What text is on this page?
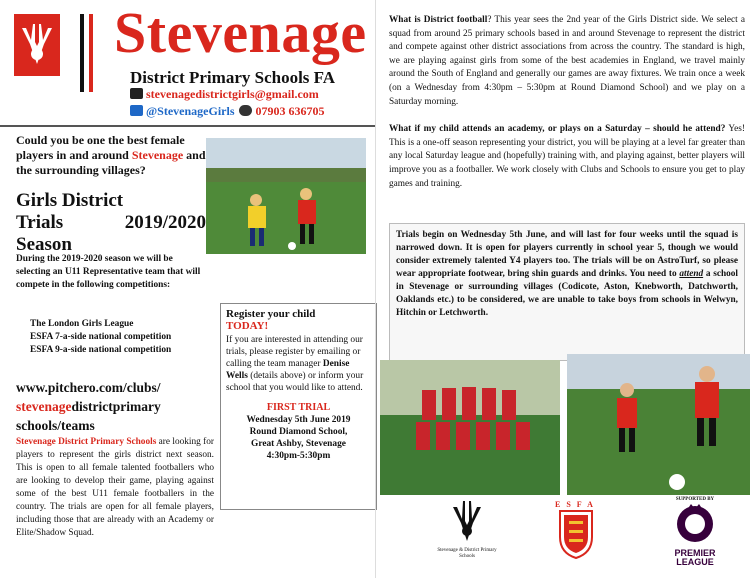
Stevenage
District Primary Schools FA
stevenagedistrictgirls@gmail.com
@StevenageGirls 07903 636705
Could you be one the best female players in and around Stevenage and the surrounding villages?
Girls District
Trials	2019/2020
Season
During the 2019-2020 season we will be selecting an U11 Representative team that will compete in the following competitions:
The London Girls League
ESFA 7-a-side national competition
ESFA 9-a-side national competition
www.pitchero.com/clubs/
stevenagedistrictprimary
schools/teams
Stevenage District Primary Schools are looking for players to represent the girls district next season. This is open to all female talented footballers who are looking to develop their game, playing against some of the best U11 female footballers in the country. The trials are open for all female players, including those that are already with an Academy or Elite/Shadow Squad.
Register your child
TODAY!
If you are interested in attending our trials, please register by emailing or calling the team manager Denise Wells (details above) or inform your school that you would like to attend.
FIRST TRIAL
Wednesday 5th June 2019
Round Diamond School,
Great Ashby, Stevenage
4:30pm-5:30pm

What is District football? This year sees the 2nd year of the Girls District side. We select a squad from around 25 primary schools based in and around Stevenage to represent the district and compete against other district associations from across the country. The standard is high, we are playing against girls from some of the best academies in England, we travel mainly around the South of England and generally our games are away fixtures. We train once a week (on a Wednesday from 4:30pm – 5:30pm at Round Diamond School) and we play on a Saturday morning.

What if my child attends an academy, or plays on a Saturday – should he attend? Yes! This is a one-off season representing your district, you will be playing at a level far greater than any local Saturday league and (hopefully) training with, and playing against, better players will improve you as a footballer. We work closely with Clubs and Schools to ensure you get to play games and training.

Trials begin on Wednesday 5th June, and will last for four weeks until the squad is narrowed down. It is open for players currently in school year 5, though we would consider extremely talented Y4 players too. The trials will be on AstroTurf, so please wear appropriate footwear, bring shin guards and drinks. You need to attend a school in Stevenage or surrounding villages (Codicote, Aston, Knebworth, Datchworth, Oaklands etc.) to be considered, we are unable to take boys from schools in Welwyn, Hitchin or Letchworth.
Stevenage & District Primary Schools
ESFA
SUPPORTED BY
PREMIER
LEAGUE
